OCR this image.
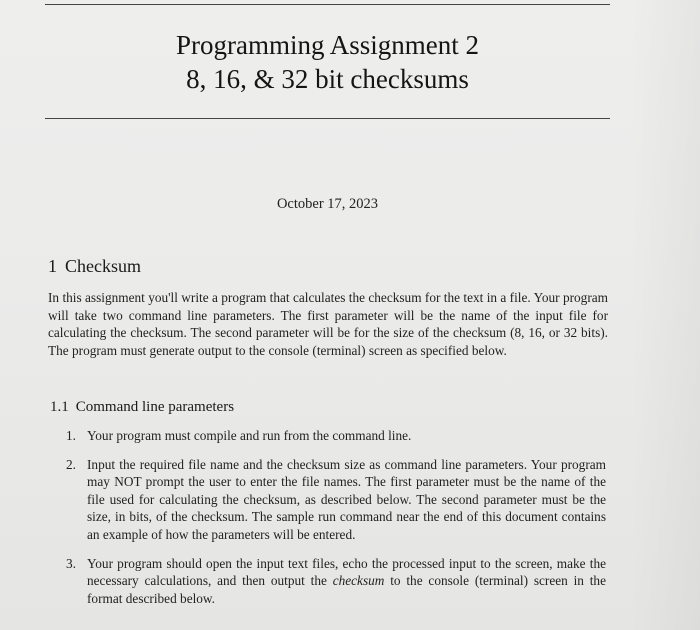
Programming Assignment 2
8, 16, & 32 bit checksums
October 17, 2023
1 Checksum
In this assignment you'll write a program that calculates the checksum for the text in a file. Your program will take two command line parameters. The first parameter will be the name of the input file for calculating the checksum. The second parameter will be for the size of the checksum (8, 16, or 32 bits). The program must generate output to the console (terminal) screen as specified below.
1.1 Command line parameters
1. Your program must compile and run from the command line.
2. Input the required file name and the checksum size as command line parameters. Your program may NOT prompt the user to enter the file names. The first parameter must be the name of the file used for calculating the checksum, as described below. The second parameter must be the size, in bits, of the checksum. The sample run command near the end of this document contains an example of how the parameters will be entered.
3. Your program should open the input text files, echo the processed input to the screen, make the necessary calculations, and then output the checksum to the console (terminal) screen in the format described below.
